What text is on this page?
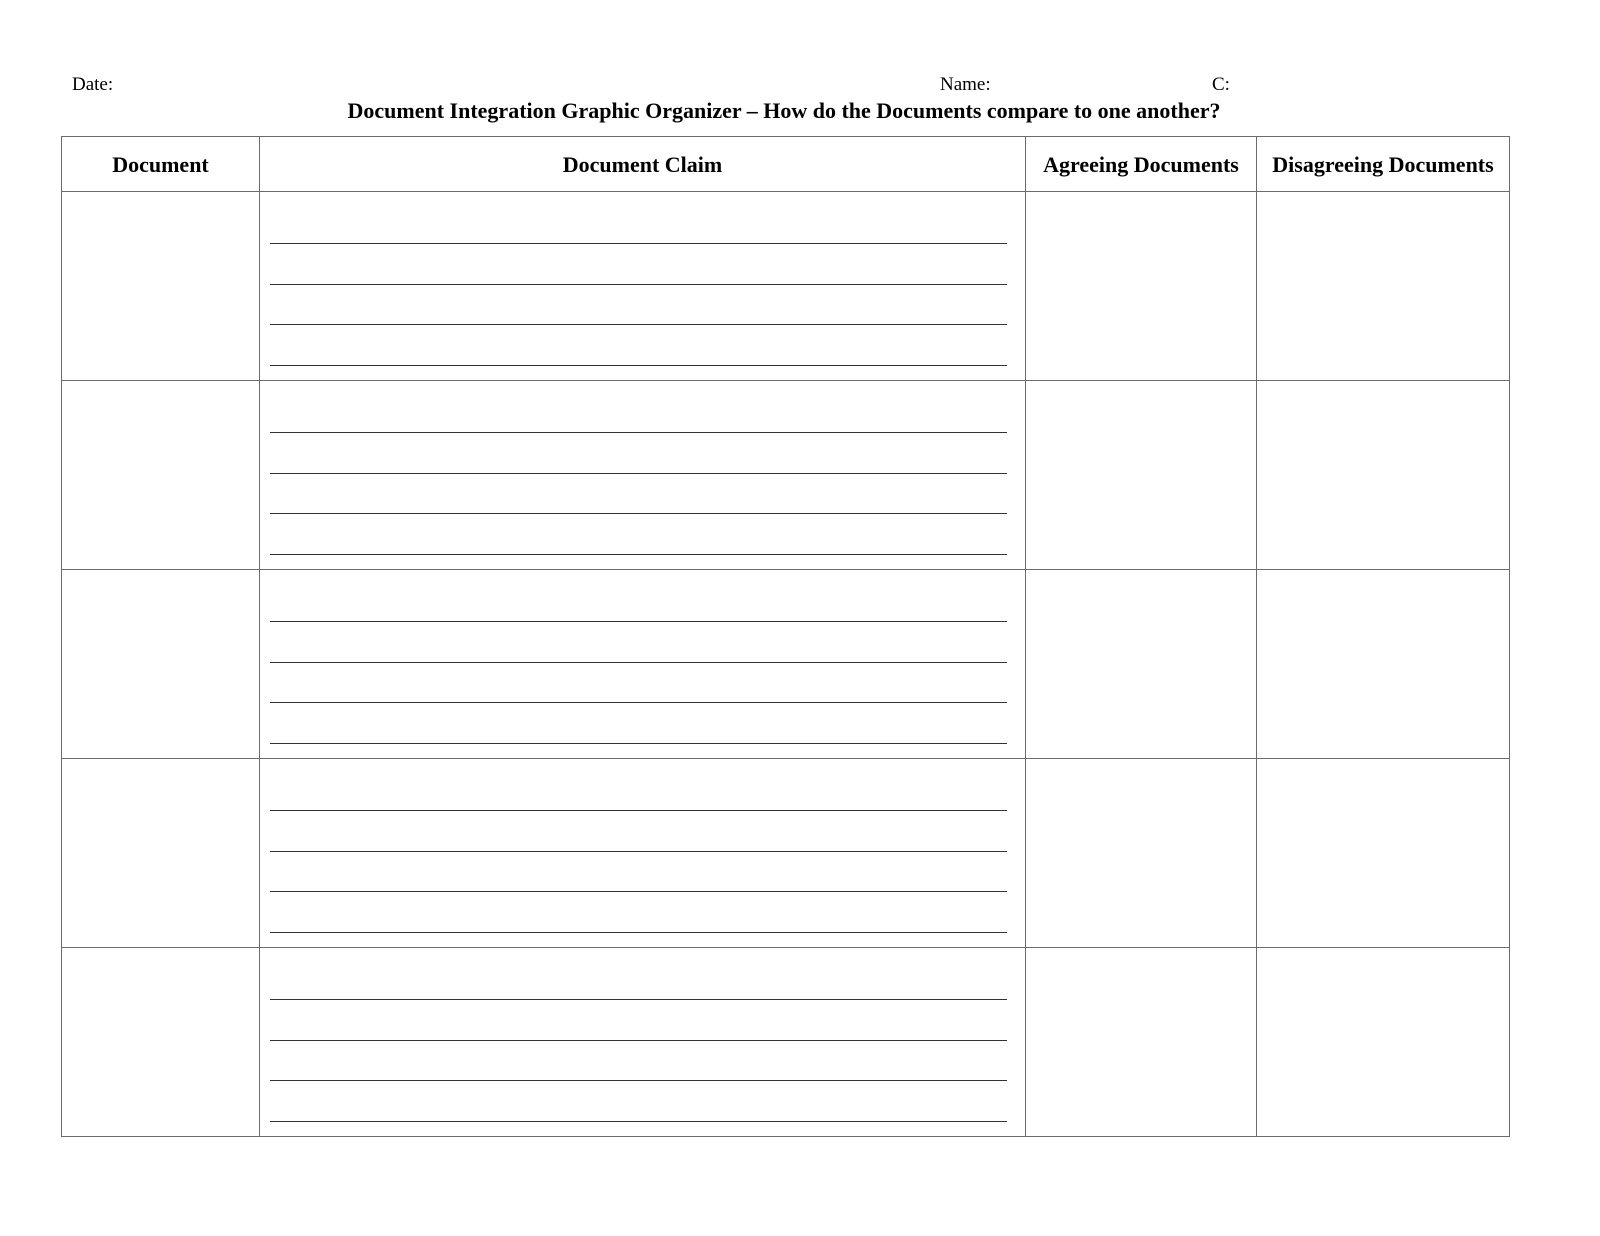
Date:	Name:	C:
Document Integration Graphic Organizer – How do the Documents compare to one another?
Document	Document Claim	Agreeing Documents	Disagreeing Documents
